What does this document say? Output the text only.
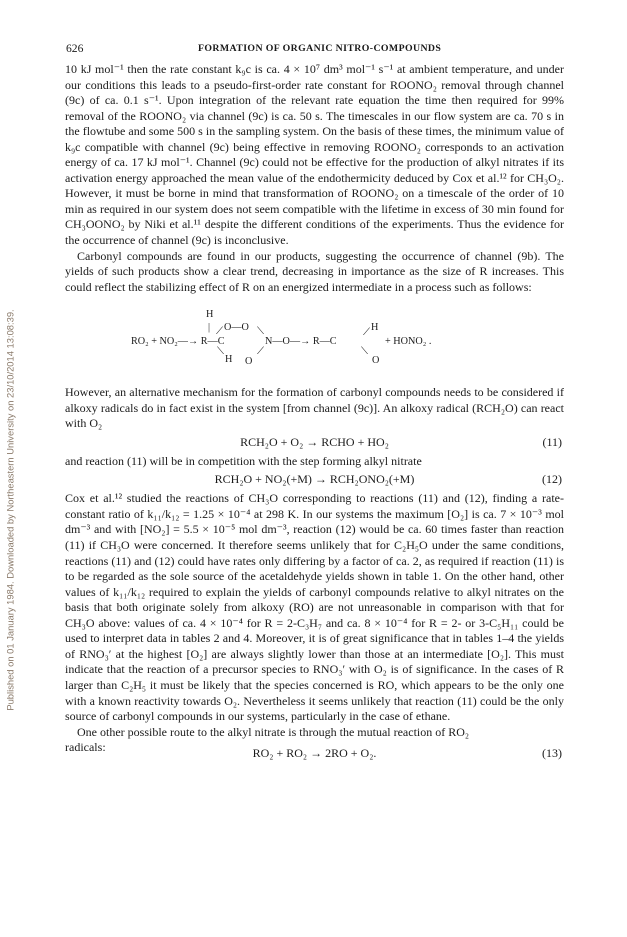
Published on 01 January 1984. Downloaded by Northeastern University on 23/10/2014 13:08:39.
626	FORMATION OF ORGANIC NITRO-COMPOUNDS

10 kJ mol⁻¹ then the rate constant k₉c is ca. 4 × 10⁷ dm³ mol⁻¹ s⁻¹ at ambient temperature, and under our conditions this leads to a pseudo-first-order rate constant for ROONO₂ removal through channel (9c) of ca. 0.1 s⁻¹. Upon integration of the relevant rate equation the time then required for 99% removal of the ROONO₂ via channel (9c) is ca. 50 s. The timescales in our flow system are ca. 70 s in the flowtube and some 500 s in the sampling system. On the basis of these times, the minimum value of k₉c compatible with channel (9c) being effective in removing ROONO₂ corresponds to an activation energy of ca. 17 kJ mol⁻¹. Channel (9c) could not be effective for the production of alkyl nitrates if its activation energy approached the mean value of the endothermicity deduced by Cox et al.¹² for CH₃O₂. However, it must be borne in mind that transformation of ROONO₂ on a timescale of the order of 10 min as required in our system does not seem compatible with the lifetime in excess of 30 min found for CH₃OONO₂ by Niki et al.¹¹ despite the different conditions of the experiments. Thus the evidence for the occurrence of channel (9c) is inconclusive.

Carbonyl compounds are found in our products, suggesting the occurrence of channel (9b). The yields of such products show a clear trend, decreasing in importance as the size of R increases. This could reflect the stabilizing effect of R on an energized intermediate in a process such as follows:

H
| O—O
⟋
RO₂ + NO₂—→ R—C
⟍
H
⟍
⟋
O
N—O—→ R—C
⟋ H
⟍
O
+ HONO₂ .

However, an alternative mechanism for the formation of carbonyl compounds needs to be considered if alkoxy radicals do in fact exist in the system [from channel (9c)]. An alkoxy radical (RCH₂O) can react with O₂

RCH₂O + O₂ → RCHO + HO₂	(11)

and reaction (11) will be in competition with the step forming alkyl nitrate

RCH₂O + NO₂(+M) → RCH₂ONO₂(+M)	(12)

Cox et al.¹² studied the reactions of CH₃O corresponding to reactions (11) and (12), finding a rate-constant ratio of k₁₁/k₁₂ = 1.25 × 10⁻⁴ at 298 K. In our systems the maximum [O₂] is ca. 7 × 10⁻³ mol dm⁻³ and with [NO₂] = 5.5 × 10⁻⁵ mol dm⁻³, reaction (12) would be ca. 60 times faster than reaction (11) if CH₃O were concerned. It therefore seems unlikely that for C₂H₅O under the same conditions, reactions (11) and (12) could have rates only differing by a factor of ca. 2, as required if reaction (11) is to be regarded as the sole source of the acetaldehyde yields shown in table 1. On the other hand, other values of k₁₁/k₁₂ required to explain the yields of carbonyl compounds relative to alkyl nitrates on the basis that both originate solely from alkoxy (RO) are not unreasonable in comparison with that for CH₃O above: values of ca. 4 × 10⁻⁴ for R = 2-C₃H₇ and ca. 8 × 10⁻⁴ for R = 2- or 3-C₅H₁₁ could be used to interpret data in tables 2 and 4. Moreover, it is of great significance that in tables 1–4 the yields of RNO₃′ at the highest [O₂] are always slightly lower than those at an intermediate [O₂]. This must indicate that the reaction of a precursor species to RNO₃′ with O₂ is of significance. In the cases of R larger than C₂H₅ it must be likely that the species concerned is RO, which appears to be the only one with a known reactivity towards O₂. Nevertheless it seems unlikely that reaction (11) could be the only source of carbonyl compounds in our systems, particularly in the case of ethane.

One other possible route to the alkyl nitrate is through the mutual reaction of RO₂

radicals:	RO₂ + RO₂ → 2RO + O₂.	(13)
